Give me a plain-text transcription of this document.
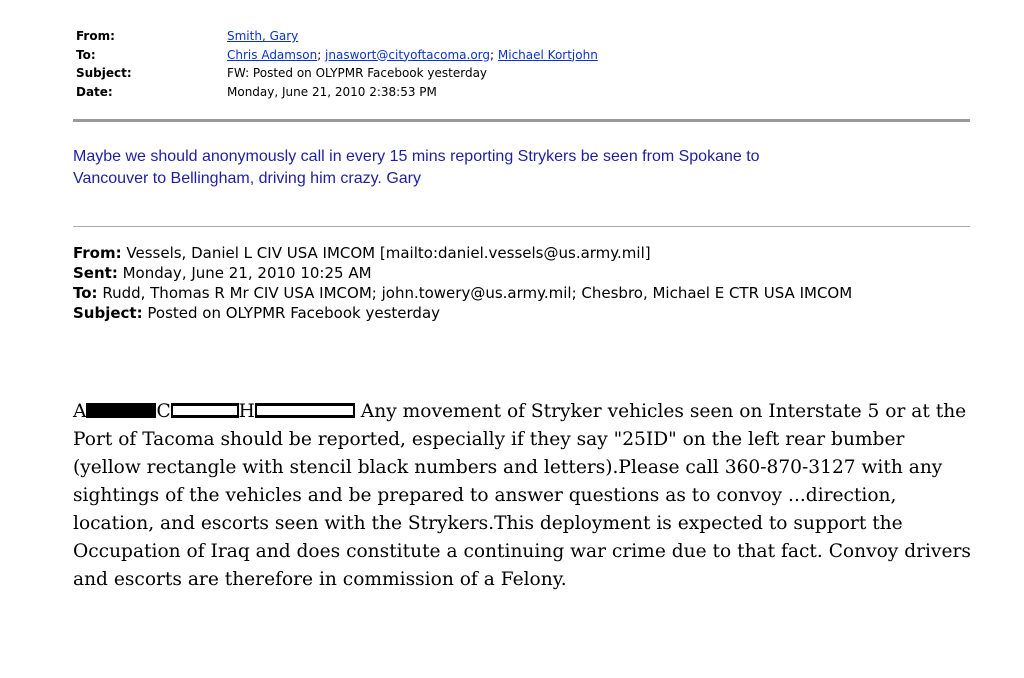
From:	Smith, Gary
To:	Chris Adamson; jnaswort@cityoftacoma.org; Michael Kortjohn
Subject:	FW: Posted on OLYPMR Facebook yesterday
Date:	Monday, June 21, 2010 2:38:53 PM
Maybe we should anonymously call in every 15 mins reporting Strykers be seen from Spokane to
Vancouver to Bellingham, driving him crazy. Gary
From: Vessels, Daniel L CIV USA IMCOM [mailto:daniel.vessels@us.army.mil]
Sent: Monday, June 21, 2010 10:25 AM
To: Rudd, Thomas R Mr CIV USA IMCOM; john.towery@us.army.mil; Chesbro, Michael E CTR USA IMCOM
Subject: Posted on OLYPMR Facebook yesterday
A	C	H	Any movement of Stryker vehicles seen on Interstate 5 or at the Port of Tacoma should be reported, especially if they say "25ID" on the left rear bumber (yellow rectangle with stencil black numbers and letters).Please call 360-870-3127 with any sightings of the vehicles and be prepared to answer questions as to convoy ...direction, location, and escorts seen with the Strykers.This deployment is expected to support the Occupation of Iraq and does constitute a continuing war crime due to that fact. Convoy drivers and escorts are therefore in commission of a Felony.
